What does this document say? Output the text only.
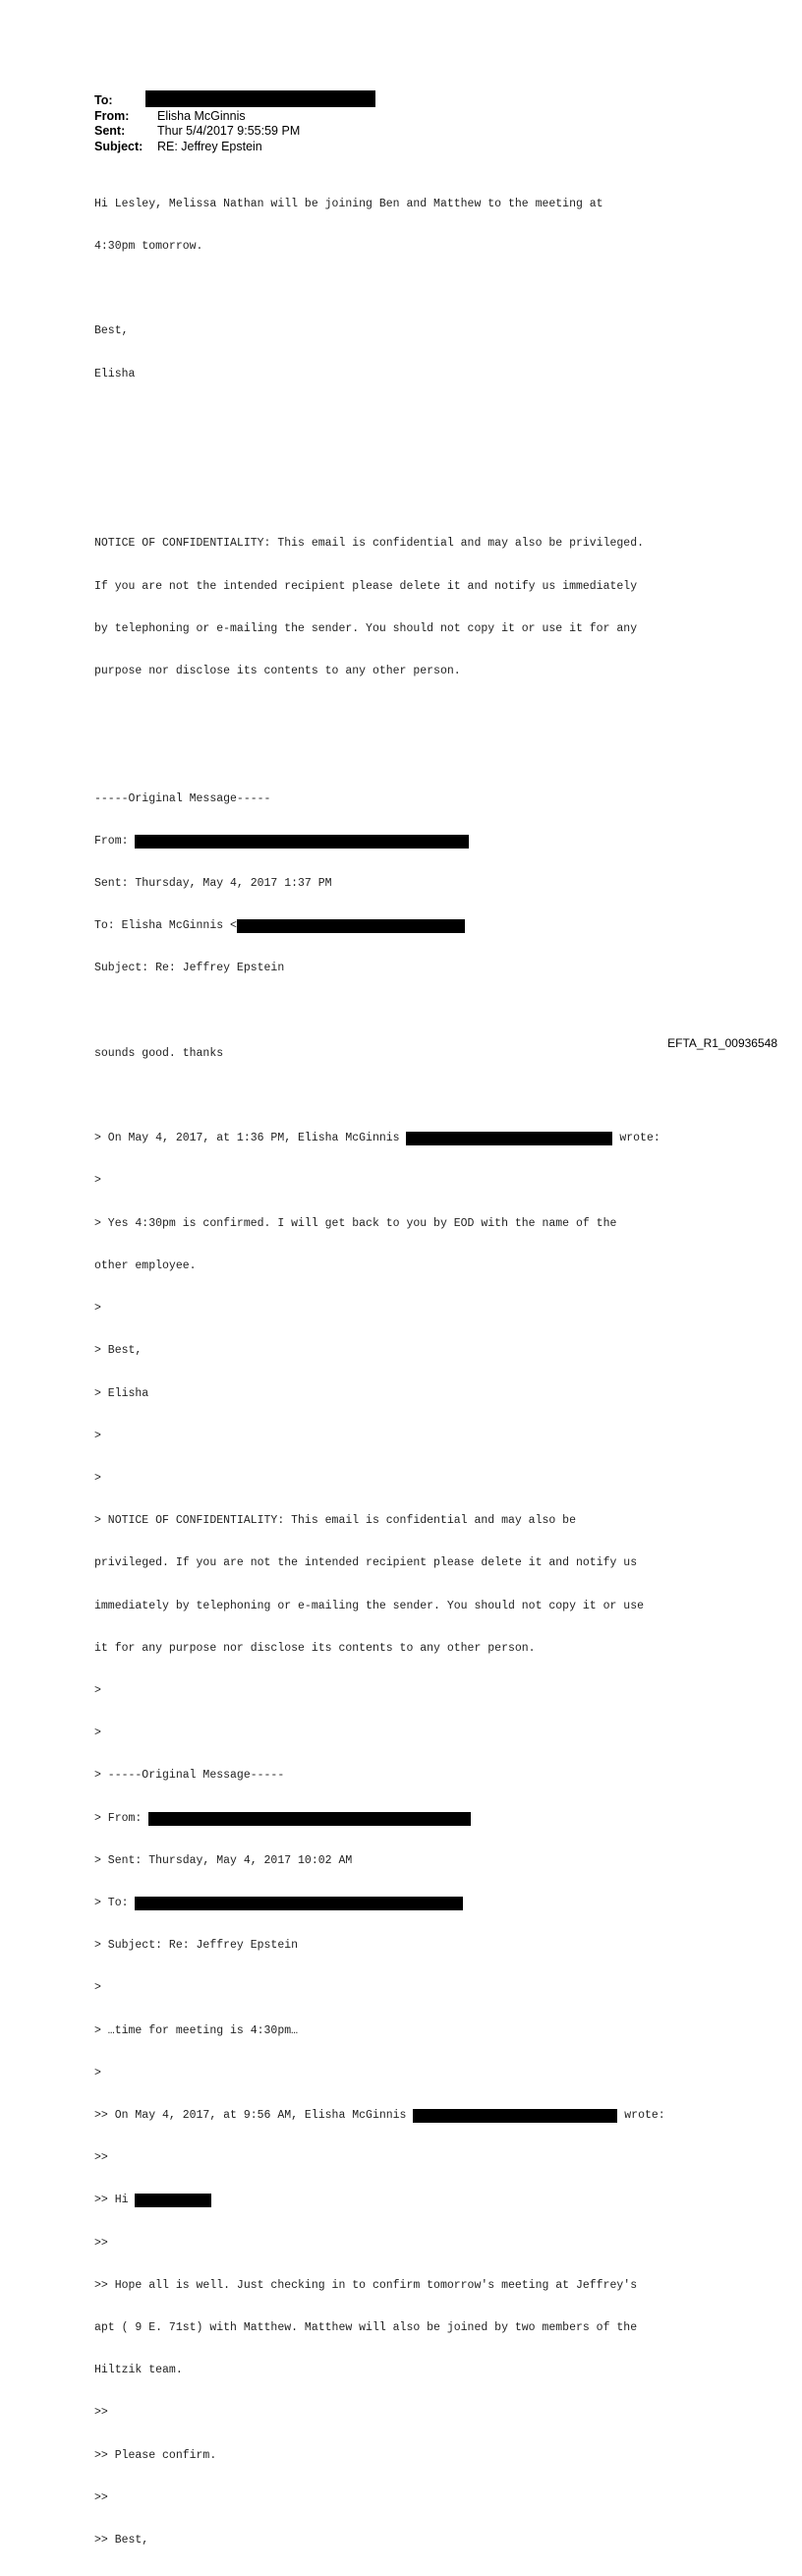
To:
From:	Elisha McGinnis
Sent:	Thur 5/4/2017 9:55:59 PM
Subject:	RE: Jeffrey Epstein

Hi Lesley, Melissa Nathan will be joining Ben and Matthew to the meeting at

4:30pm tomorrow.

Best,

Elisha

NOTICE OF CONFIDENTIALITY: This email is confidential and may also be privileged.

If you are not the intended recipient please delete it and notify us immediately

by telephoning or e-mailing the sender. You should not copy it or use it for any

purpose nor disclose its contents to any other person.

-----Original Message-----

From:

Sent: Thursday, May 4, 2017 1:37 PM

To: Elisha McGinnis <

Subject: Re: Jeffrey Epstein

sounds good. thanks

> On May 4, 2017, at 1:36 PM, Elisha McGinnis	wrote:

>

> Yes 4:30pm is confirmed. I will get back to you by EOD with the name of the

other employee.

>

> Best,

> Elisha

>

>

> NOTICE OF CONFIDENTIALITY: This email is confidential and may also be

privileged. If you are not the intended recipient please delete it and notify us

immediately by telephoning or e-mailing the sender. You should not copy it or use

it for any purpose nor disclose its contents to any other person.

>

>

> -----Original Message-----

> From:

> Sent: Thursday, May 4, 2017 10:02 AM

> To:

> Subject: Re: Jeffrey Epstein

>

> …time for meeting is 4:30pm…

>

>> On May 4, 2017, at 9:56 AM, Elisha McGinnis	wrote:

>>

>> Hi

>>

>> Hope all is well. Just checking in to confirm tomorrow's meeting at Jeffrey's

apt ( 9 E. 71st) with Matthew. Matthew will also be joined by two members of the

Hiltzik team.

>>

>> Please confirm.

>>

>> Best,

EFTA_R1_00936548
